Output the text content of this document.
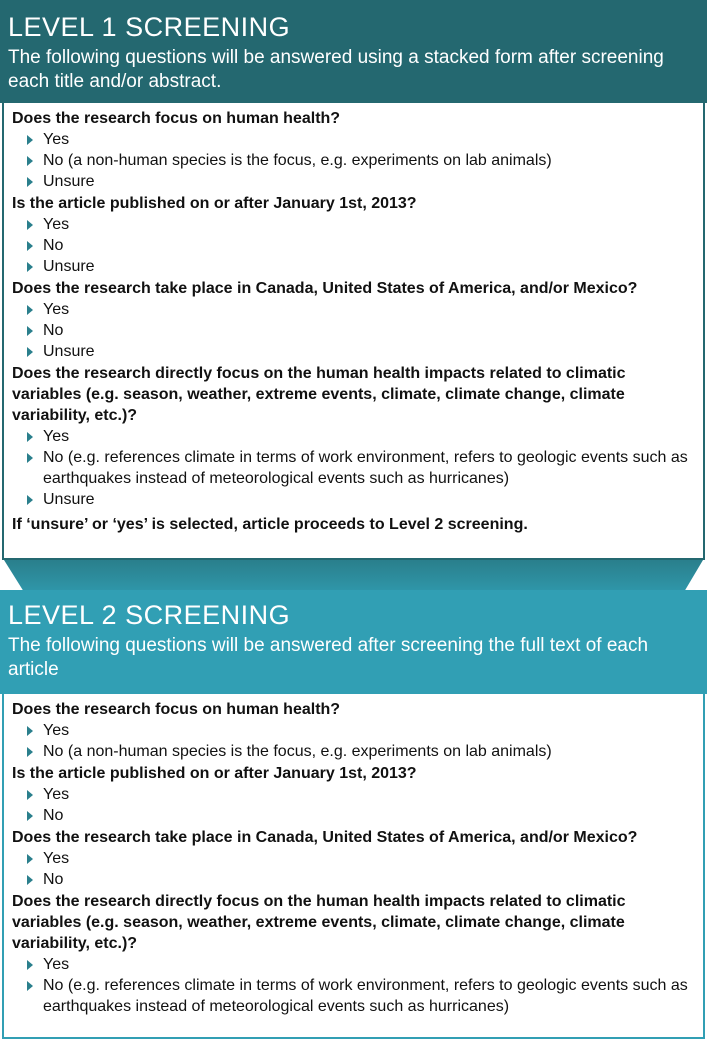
LEVEL 1 SCREENING
The following questions will be answered using a stacked form after screening each title and/or abstract.
Does the research focus on human health?
Yes
No (a non-human species is the focus, e.g. experiments on lab animals)
Unsure
Is the article published on or after January 1st, 2013?
Yes
No
Unsure
Does the research take place in Canada, United States of America, and/or Mexico?
Yes
No
Unsure
Does the research directly focus on the human health impacts related to climatic variables (e.g. season, weather, extreme events, climate, climate change, climate variability, etc.)?
Yes
No (e.g. references climate in terms of work environment, refers to geologic events such as earthquakes instead of meteorological events such as hurricanes)
Unsure
If ‘unsure’ or ‘yes’ is selected, article proceeds to Level 2 screening.
LEVEL 2 SCREENING
The following questions will be answered after screening the full text of each article
Does the research focus on human health?
Yes
No (a non-human species is the focus, e.g. experiments on lab animals)
Is the article published on or after January 1st, 2013?
Yes
No
Does the research take place in Canada, United States of America, and/or Mexico?
Yes
No
Does the research directly focus on the human health impacts related to climatic variables (e.g. season, weather, extreme events, climate, climate change, climate variability, etc.)?
Yes
No (e.g. references climate in terms of work environment, refers to geologic events such as earthquakes instead of meteorological events such as hurricanes)
